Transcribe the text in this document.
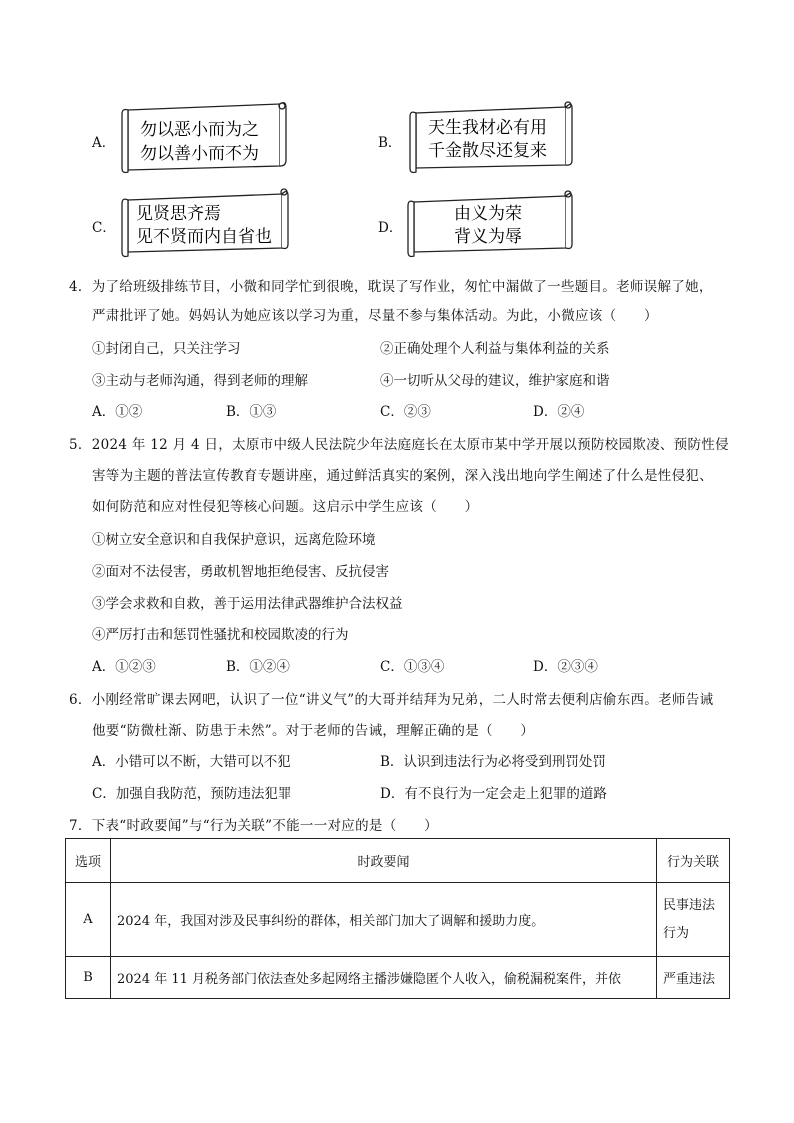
A．
勿以恶小而为之
勿以善小而不为
B．
天生我材必有用
千金散尽还复来
C．
见贤思齐焉
见不贤而内自省也	D．
由义为荣
背义为辱
4．为了给班级排练节目，小微和同学忙到很晚，耽误了写作业，匆忙中漏做了一些题目。老师误解了她，
严肃批评了她。妈妈认为她应该以学习为重，尽量不参与集体活动。为此，小微应该（　　）
①封闭自己，只关注学习	②正确处理个人利益与集体利益的关系
③主动与老师沟通，得到老师的理解	④一切听从父母的建议，维护家庭和谐
A．①②	B．①③	C．②③	D．②④
5．2024 年 12 月 4 日，太原市中级人民法院少年法庭庭长在太原市某中学开展以预防校园欺凌、预防性侵
害等为主题的普法宣传教育专题讲座，通过鲜活真实的案例，深入浅出地向学生阐述了什么是性侵犯、
如何防范和应对性侵犯等核心问题。这启示中学生应该（　　）
①树立安全意识和自我保护意识，远离危险环境
②面对不法侵害，勇敢机智地拒绝侵害、反抗侵害
③学会求救和自救，善于运用法律武器维护合法权益
④严厉打击和惩罚性骚扰和校园欺凌的行为
A．①②③	B．①②④	C．①③④	D．②③④
6．小刚经常旷课去网吧，认识了一位“讲义气”的大哥并结拜为兄弟，二人时常去便利店偷东西。老师告诫
他要“防微杜渐、防患于未然”。对于老师的告诫，理解正确的是（　　）
A．小错可以不断，大错可以不犯	B．认识到违法行为必将受到刑罚处罚
C．加强自我防范，预防违法犯罪	D．有不良行为一定会走上犯罪的道路
7．下表“时政要闻”与“行为关联”不能一一对应的是（　　）
选项	时政要闻	行为关联
A	2024 年，我国对涉及民事纠纷的群体，相关部门加大了调解和援助力度。	民事违法
行为

B	2024 年 11 月税务部门依法查处多起网络主播涉嫌隐匿个人收入，偷税漏税案件，并依	严重违法
